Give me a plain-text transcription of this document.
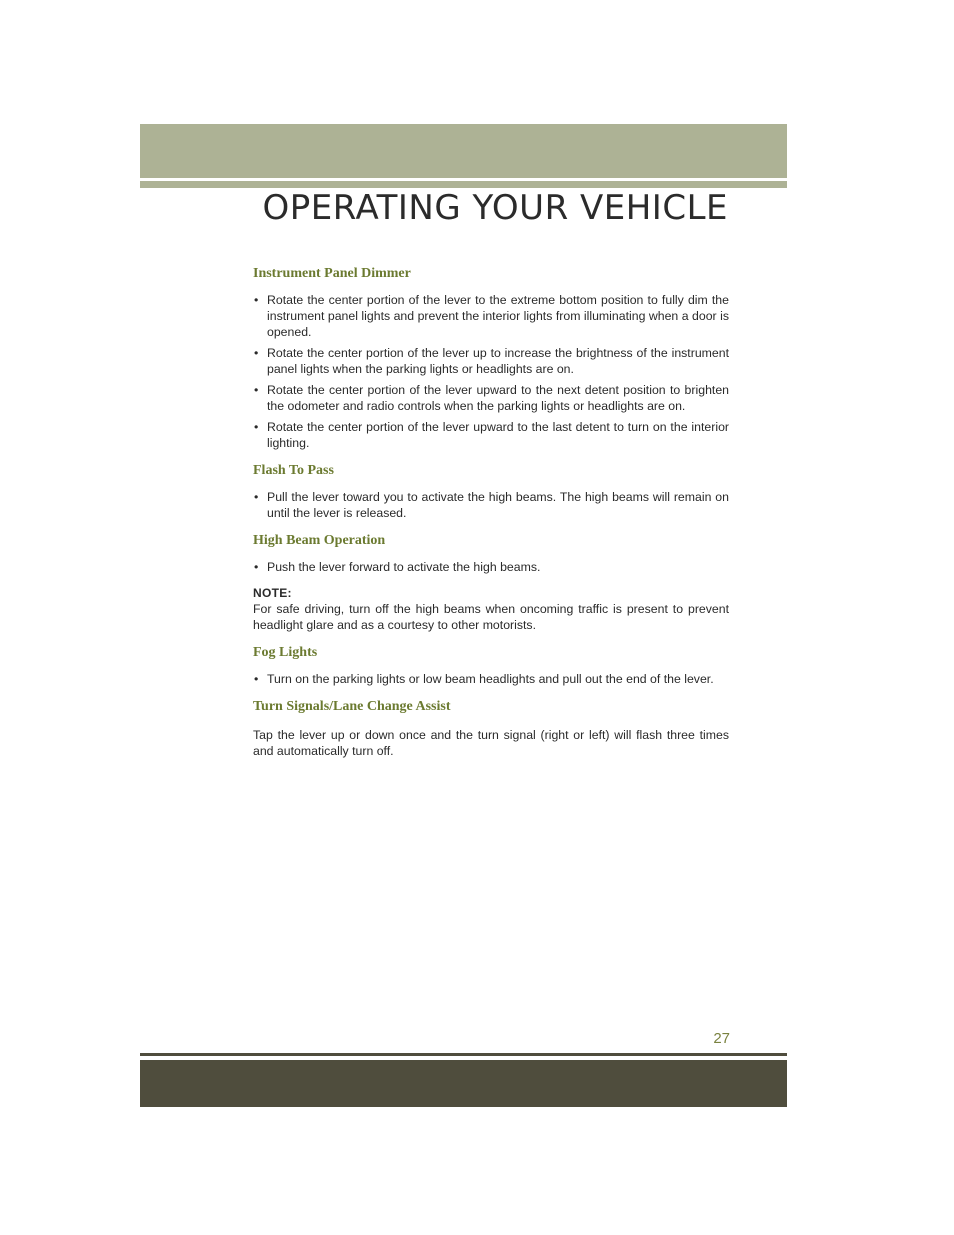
OPERATING YOUR VEHICLE
Instrument Panel Dimmer
• Rotate the center portion of the lever to the extreme bottom position to fully dim the instrument panel lights and prevent the interior lights from illuminating when a door is opened.
• Rotate the center portion of the lever up to increase the brightness of the instrument panel lights when the parking lights or headlights are on.
• Rotate the center portion of the lever upward to the next detent position to brighten the odometer and radio controls when the parking lights or headlights are on.
• Rotate the center portion of the lever upward to the last detent to turn on the interior lighting.
Flash To Pass
• Pull the lever toward you to activate the high beams. The high beams will remain on until the lever is released.
High Beam Operation
• Push the lever forward to activate the high beams.

NOTE:

For safe driving, turn off the high beams when oncoming traffic is present to prevent headlight glare and as a courtesy to other motorists.

Fog Lights
• Turn on the parking lights or low beam headlights and pull out the end of the lever.
Turn Signals/Lane Change Assist

Tap the lever up or down once and the turn signal (right or left) will flash three times and automatically turn off.

27
